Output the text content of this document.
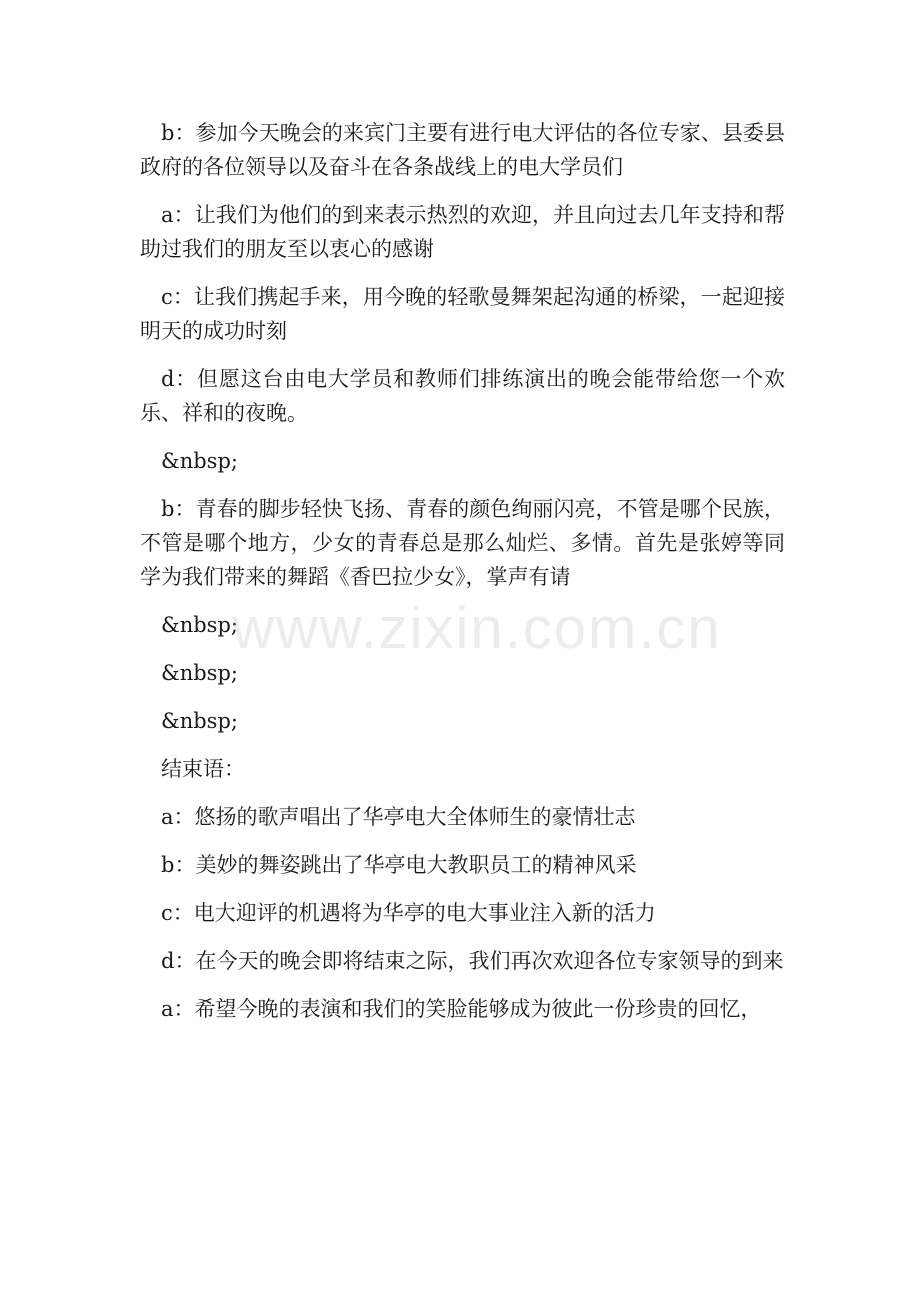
b：参加今天晚会的来宾门主要有进行电大评估的各位专家、县委县政府的各位领导以及奋斗在各条战线上的电大学员们

a：让我们为他们的到来表示热烈的欢迎，并且向过去几年支持和帮助过我们的朋友至以衷心的感谢

c：让我们携起手来，用今晚的轻歌曼舞架起沟通的桥梁，一起迎接明天的成功时刻

d：但愿这台由电大学员和教师们排练演出的晚会能带给您一个欢乐、祥和的夜晚。

&nbsp;

b：青春的脚步轻快飞扬、青春的颜色绚丽闪亮，不管是哪个民族，不管是哪个地方，少女的青春总是那么灿烂、多情。首先是张婷等同学为我们带来的舞蹈《香巴拉少女》，掌声有请

&nbsp;

&nbsp;

&nbsp;

结束语：

a：悠扬的歌声唱出了华亭电大全体师生的豪情壮志

b：美妙的舞姿跳出了华亭电大教职员工的精神风采

c：电大迎评的机遇将为华亭的电大事业注入新的活力

d：在今天的晚会即将结束之际，我们再次欢迎各位专家领导的到来

a：希望今晚的表演和我们的笑脸能够成为彼此一份珍贵的回忆，

www.zixin.com.cn
